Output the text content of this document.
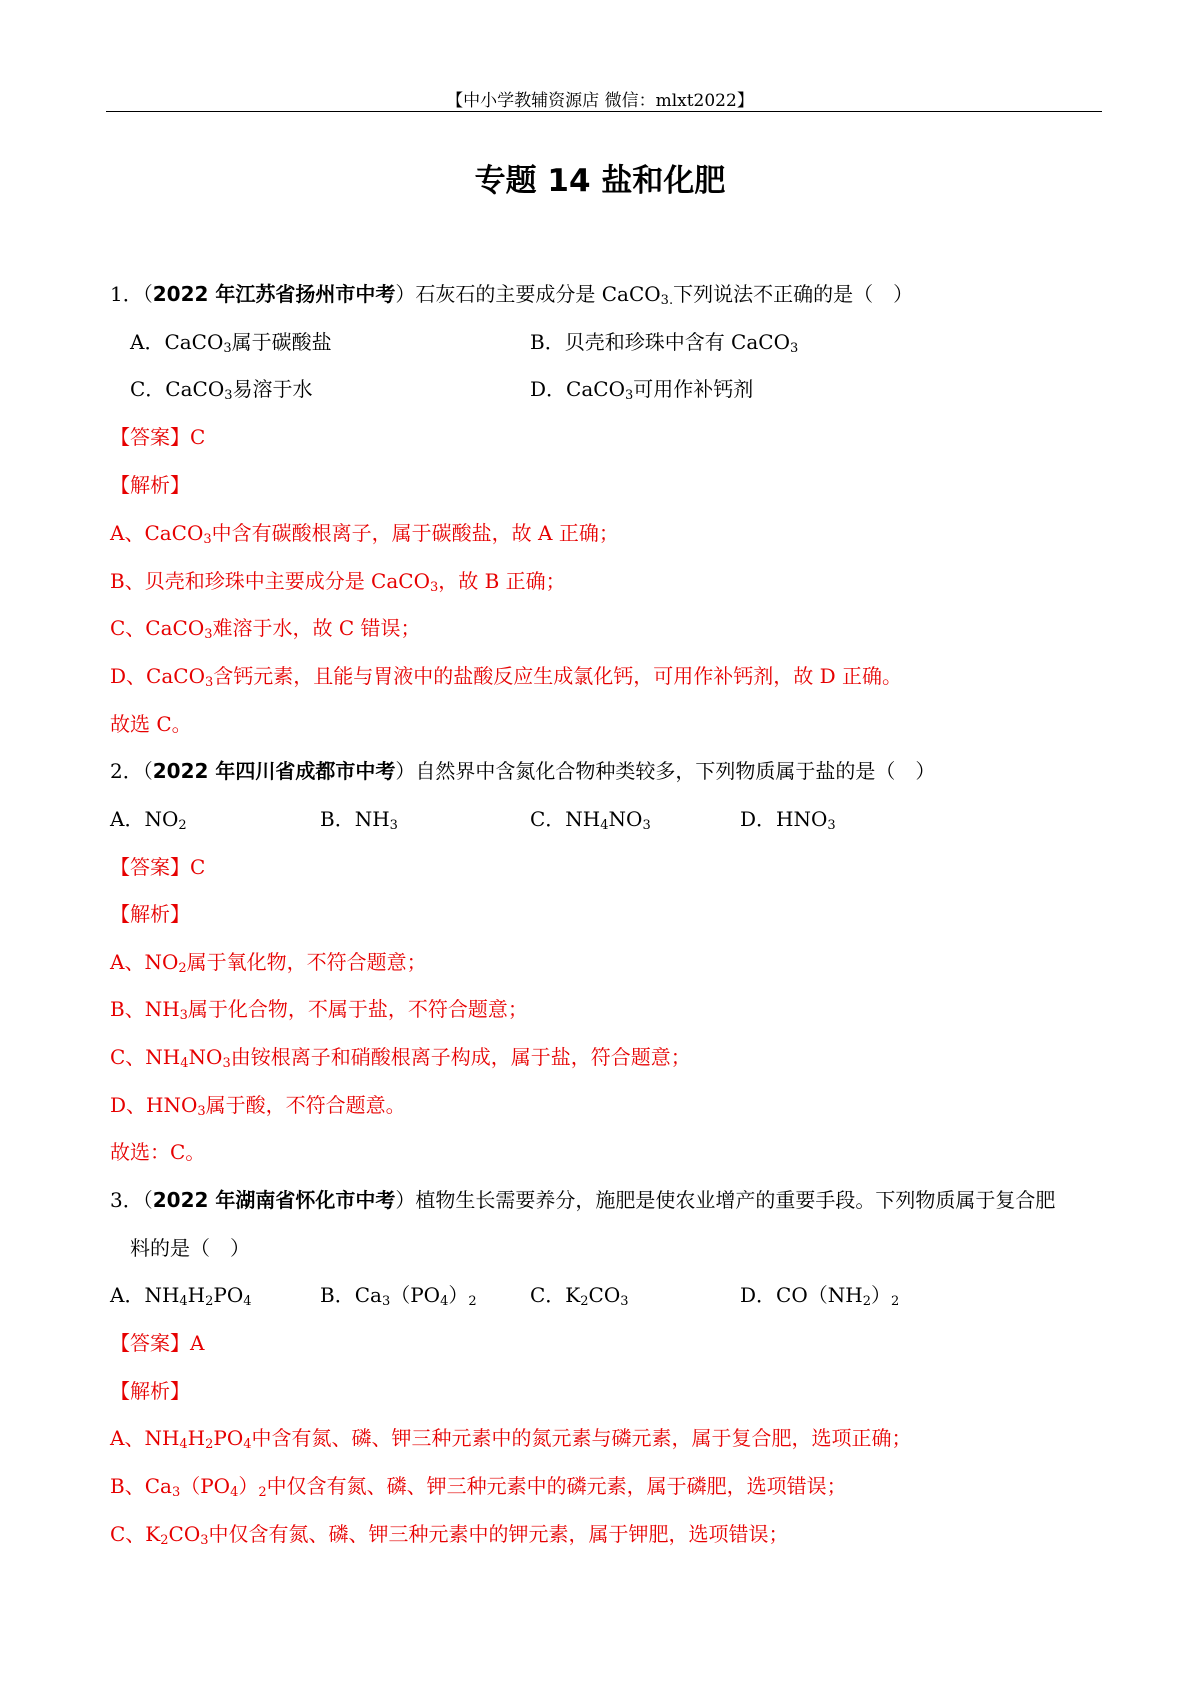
【中小学教辅资源店 微信：mlxt2022】
专题 14 盐和化肥
1．（2022 年江苏省扬州市中考）石灰石的主要成分是 CaCO$_{3.}$下列说法不正确的是（　）
A．CaCO$_3$属于碳酸盐	B．贝壳和珍珠中含有 CaCO$_3$
C．CaCO$_3$易溶于水	D．CaCO$_3$可用作补钙剂
【答案】C
【解析】
A、CaCO$_3$中含有碳酸根离子，属于碳酸盐，故 A 正确；
B、贝壳和珍珠中主要成分是 CaCO$_3$，故 B 正确；
C、CaCO$_3$难溶于水，故 C 错误；
D、CaCO$_3$含钙元素，且能与胃液中的盐酸反应生成氯化钙，可用作补钙剂，故 D 正确。
故选 C。
2．（2022 年四川省成都市中考）自然界中含氮化合物种类较多，下列物质属于盐的是（　）
A．$NO_2$	B．$NH_3$	C．$NH_4NO_3$	D．$HNO_3$
【答案】C
【解析】
A、$NO_2$属于氧化物，不符合题意；
B、$NH_3$属于化合物，不属于盐，不符合题意；
C、$NH_4NO_3$由铵根离子和硝酸根离子构成，属于盐，符合题意；
D、$HNO_3$属于酸，不符合题意。
故选：C。
3．（2022 年湖南省怀化市中考）植物生长需要养分，施肥是使农业增产的重要手段。下列物质属于复合肥
料的是（　）
A．$NH_4H_2PO_4$	B．$Ca_3(PO_4)_2$	C．$K_2CO_3$	D．$CO(NH_2)_2$
【答案】A
【解析】
A、$NH_4H_2PO_4$中含有氮、磷、钾三种元素中的氮元素与磷元素，属于复合肥，选项正确；
B、$Ca_3(PO_4)_2$中仅含有氮、磷、钾三种元素中的磷元素，属于磷肥，选项错误；
C、$K_2CO_3$中仅含有氮、磷、钾三种元素中的钾元素，属于钾肥，选项错误；
